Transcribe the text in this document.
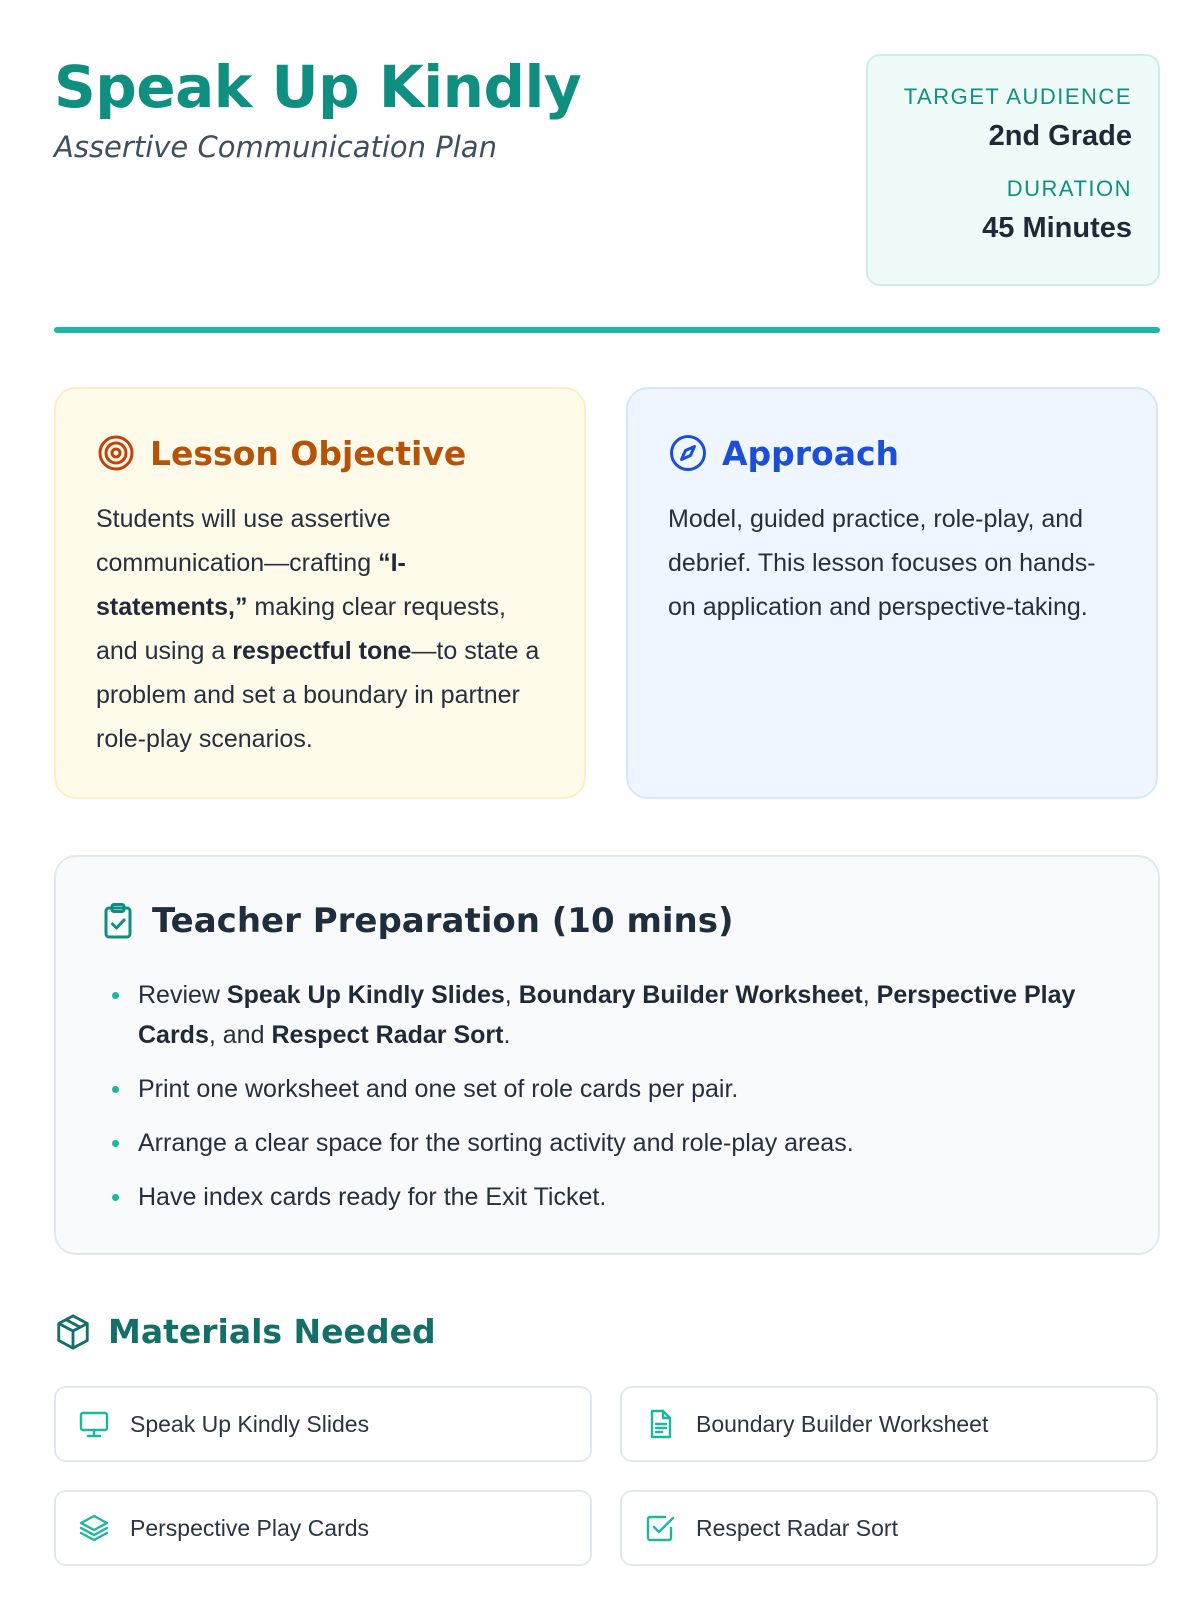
Speak Up Kindly
Assertive Communication Plan
TARGET AUDIENCE
2nd Grade
DURATION
45 Minutes
Lesson Objective
Students will use assertive communication—crafting “I-statements,” making clear requests, and using a respectful tone—to state a problem and set a boundary in partner role-play scenarios.
Approach
Model, guided practice, role-play, and debrief. This lesson focuses on hands-on application and perspective-taking.
Teacher Preparation (10 mins)
Review Speak Up Kindly Slides, Boundary Builder Worksheet, Perspective Play Cards, and Respect Radar Sort.
Print one worksheet and one set of role cards per pair.
Arrange a clear space for the sorting activity and role-play areas.
Have index cards ready for the Exit Ticket.
Materials Needed
Speak Up Kindly Slides	Boundary Builder Worksheet
Perspective Play Cards	Respect Radar Sort
